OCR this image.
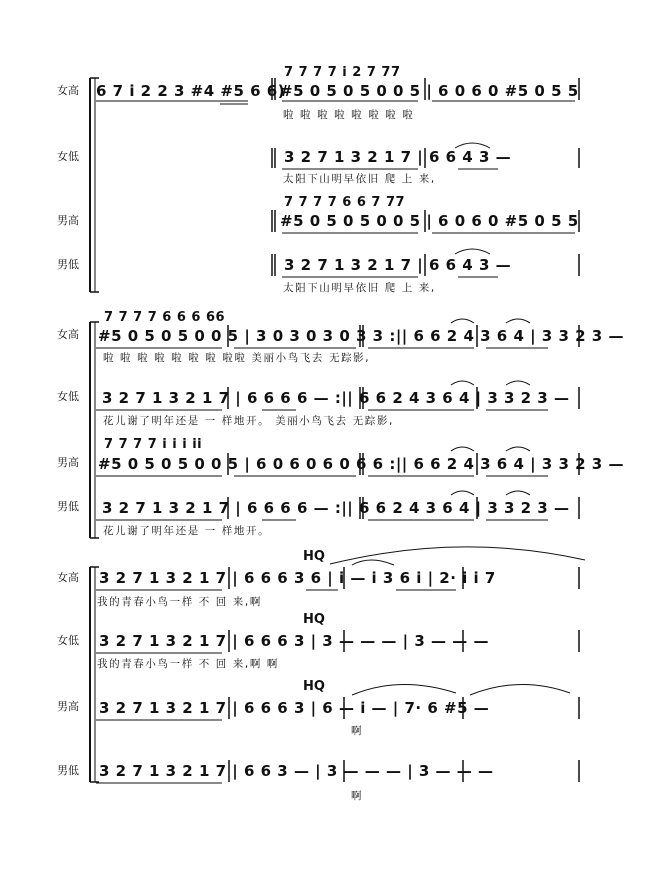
女高
女低
男高
男低
女高
女低
男高
男低
女高
女低
男高
男低
6 7 i 2 2 3 #4 #5 6 6)
7 7 7 7 i 2 7 77
#5 0 5 0 5 0 0 5 | 6 0 6 0 #5 0 5 5
啦 啦 啦 啦 啦 啦 啦 啦
3 2 7 1 3 2 1 7 | 6 6 4 3 —
太阳下山明早依旧 爬 上 来,
7 7 7 7 6 6 7 77
#5 0 5 0 5 0 0 5 | 6 0 6 0 #5 0 5 5
3 2 7 1 3 2 1 7 | 6 6 4 3 —
太阳下山明早依旧 爬 上 来,
7 7 7 7 6 6 6 66
#5 0 5 0 5 0 0 5 | 3 0 3 0 3 0 3 3 :|| 6 6 2 4 3 6 4 | 3 3 2 3 —
啦 啦 啦 啦 啦 啦 啦 啦啦 美丽小鸟飞去 无踪影,
3 2 7 1 3 2 1 7 | 6 6 6 6 — :|| 6 6 2 4 3 6 4 | 3 3 2 3 —
花儿谢了明年还是 一 样地开。 美丽小鸟飞去 无踪影,
7 7 7 7 i i i ii
#5 0 5 0 5 0 0 5 | 6 0 6 0 6 0 6 6 :|| 6 6 2 4 3 6 4 | 3 3 2 3 —
3 2 7 1 3 2 1 7 | 6 6 6 6 — :|| 6 6 2 4 3 6 4 | 3 3 2 3 —
花儿谢了明年还是 一 样地开。
HQ
3 2 7 1 3 2 1 7 | 6 6 6 3 6 | i — i 3 6 i | 2· i i 7
我的青春小鸟一样 不 回 来,啊
HQ
3 2 7 1 3 2 1 7 | 6 6 6 3 | 3 — — — | 3 — — —
我的青春小鸟一样 不 回 来,啊 啊
HQ
3 2 7 1 3 2 1 7 | 6 6 6 3 | 6 — i — | 7· 6 #5 —
啊
3 2 7 1 3 2 1 7 | 6 6 3 — | 3 — — — | 3 — — —
啊
